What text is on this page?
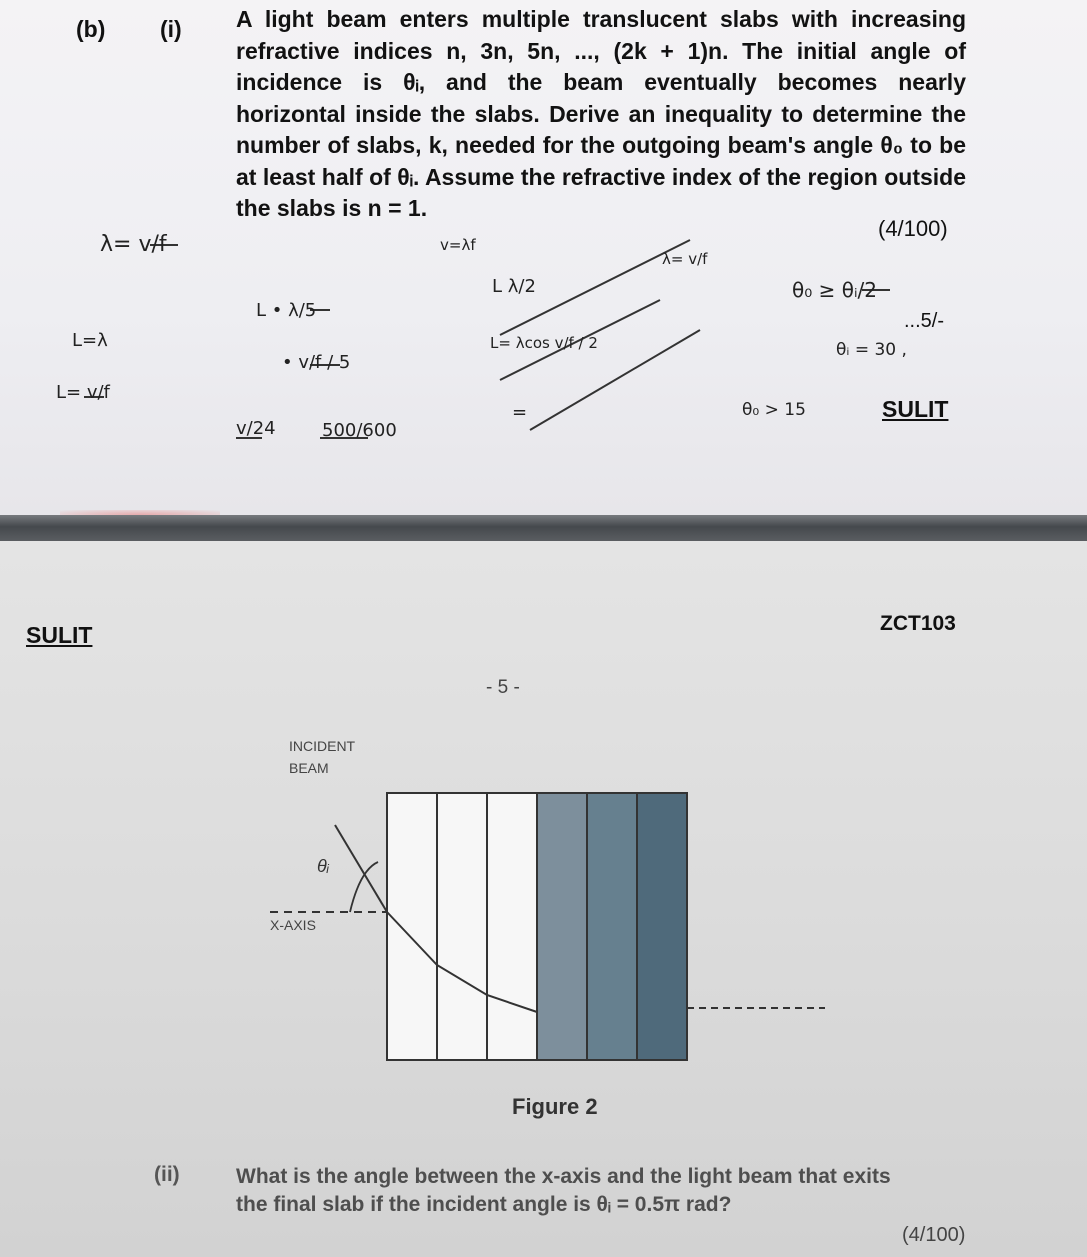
(b) (i) A light beam enters multiple translucent slabs with increasing refractive indices n, 3n, 5n, ..., (2k + 1)n. The initial angle of incidence is θᵢ, and the beam eventually becomes nearly horizontal inside the slabs. Derive an inequality to determine the number of slabs, k, needed for the outgoing beam's angle θ₀ to be at least half of θᵢ. Assume the refractive index of the region outside the slabs is n = 1.

(4/100)
λ= v/f
L=λ
L= v/f
L • λ/5
• v/f / 5
v/24	500/600
v=λf
L λ/2
L= λcos v/f / 2
=
λ= v/f
θ₀ ≥ θᵢ/2
θᵢ = 30 ,
θ₀ > 15
...5/-
SULIT
SULIT	ZCT103
- 5 -
INCIDENT
BEAM
θᵢ
X-AXIS
Figure 2
(ii)	What is the angle between the x-axis and the light beam that exits

the final slab if the incident angle is θᵢ = 0.5π rad?

(4/100)
